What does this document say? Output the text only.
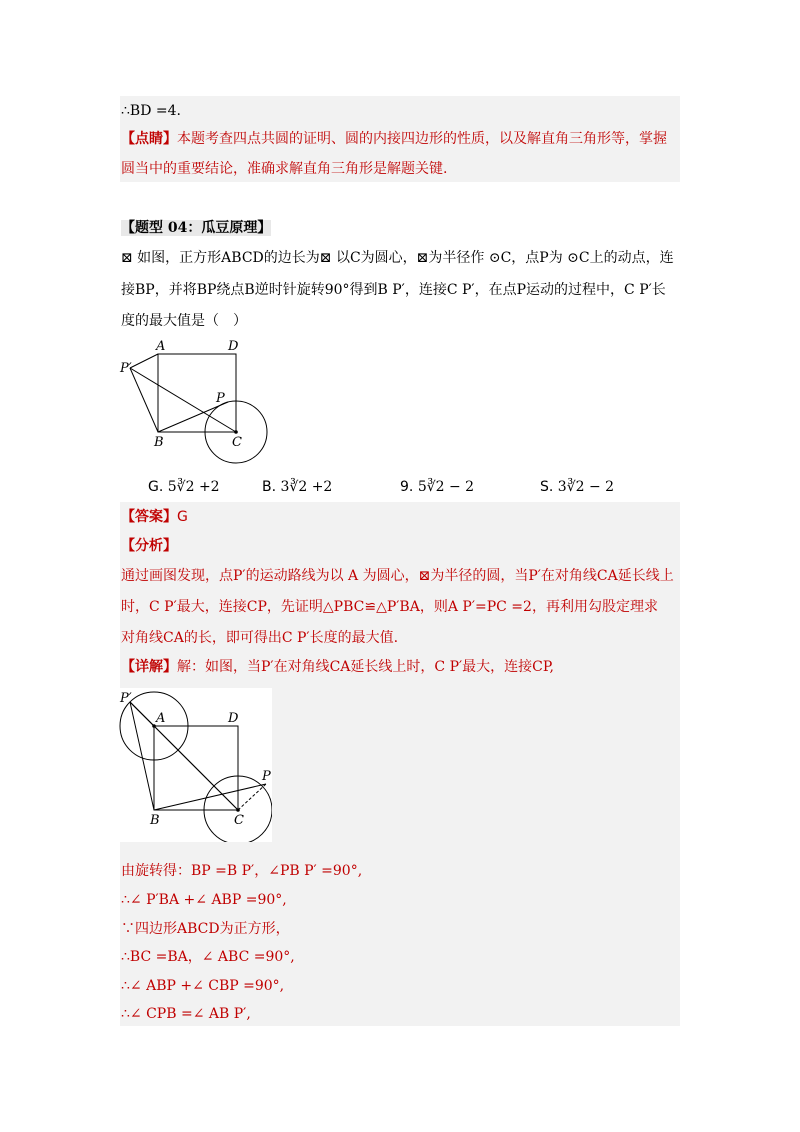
∴BD =4.
【点睛】本题考查四点共圆的证明、圆的内接四边形的性质，以及解直角三角形等，掌握
圆当中的重要结论，准确求解直角三角形是解题关键.
【题型 04：瓜豆原理】
⊠ 如图，正方形ABCD的边长为⊠ 以C为圆心，⊠为半径作 ⊙C，点P为 ⊙C上的动点，连
接BP，并将BP绕点B逆时针旋转90°得到B P′，连接C P′，在点P运动的过程中，C P′长
度的最大值是（　）
A	D
P′
P
B	C
G. 5∛2 +2	B. 3∛2 +2	9. 5∛2 − 2	S. 3∛2 − 2
【答案】G
【分析】
通过画图发现，点P′的运动路线为以 A 为圆心，⊠为半径的圆，当P′在对角线CA延长线上
时，C P′最大，连接CP，先证明△PBC≌△P′BA，则A P′=PC =2，再利用勾股定理求
对角线CA的长，即可得出C P′长度的最大值.
【详解】解：如图，当P′在对角线CA延长线上时，C P′最大，连接CP,
P′
A	D
P
B	C
由旋转得：BP =B P′，∠PB P′ =90°,
∴∠ P′BA +∠ ABP =90°,
∵四边形ABCD为正方形，
∴BC =BA，∠ ABC =90°,
∴∠ ABP +∠ CBP =90°,
∴∠ CPB =∠ AB P′,
